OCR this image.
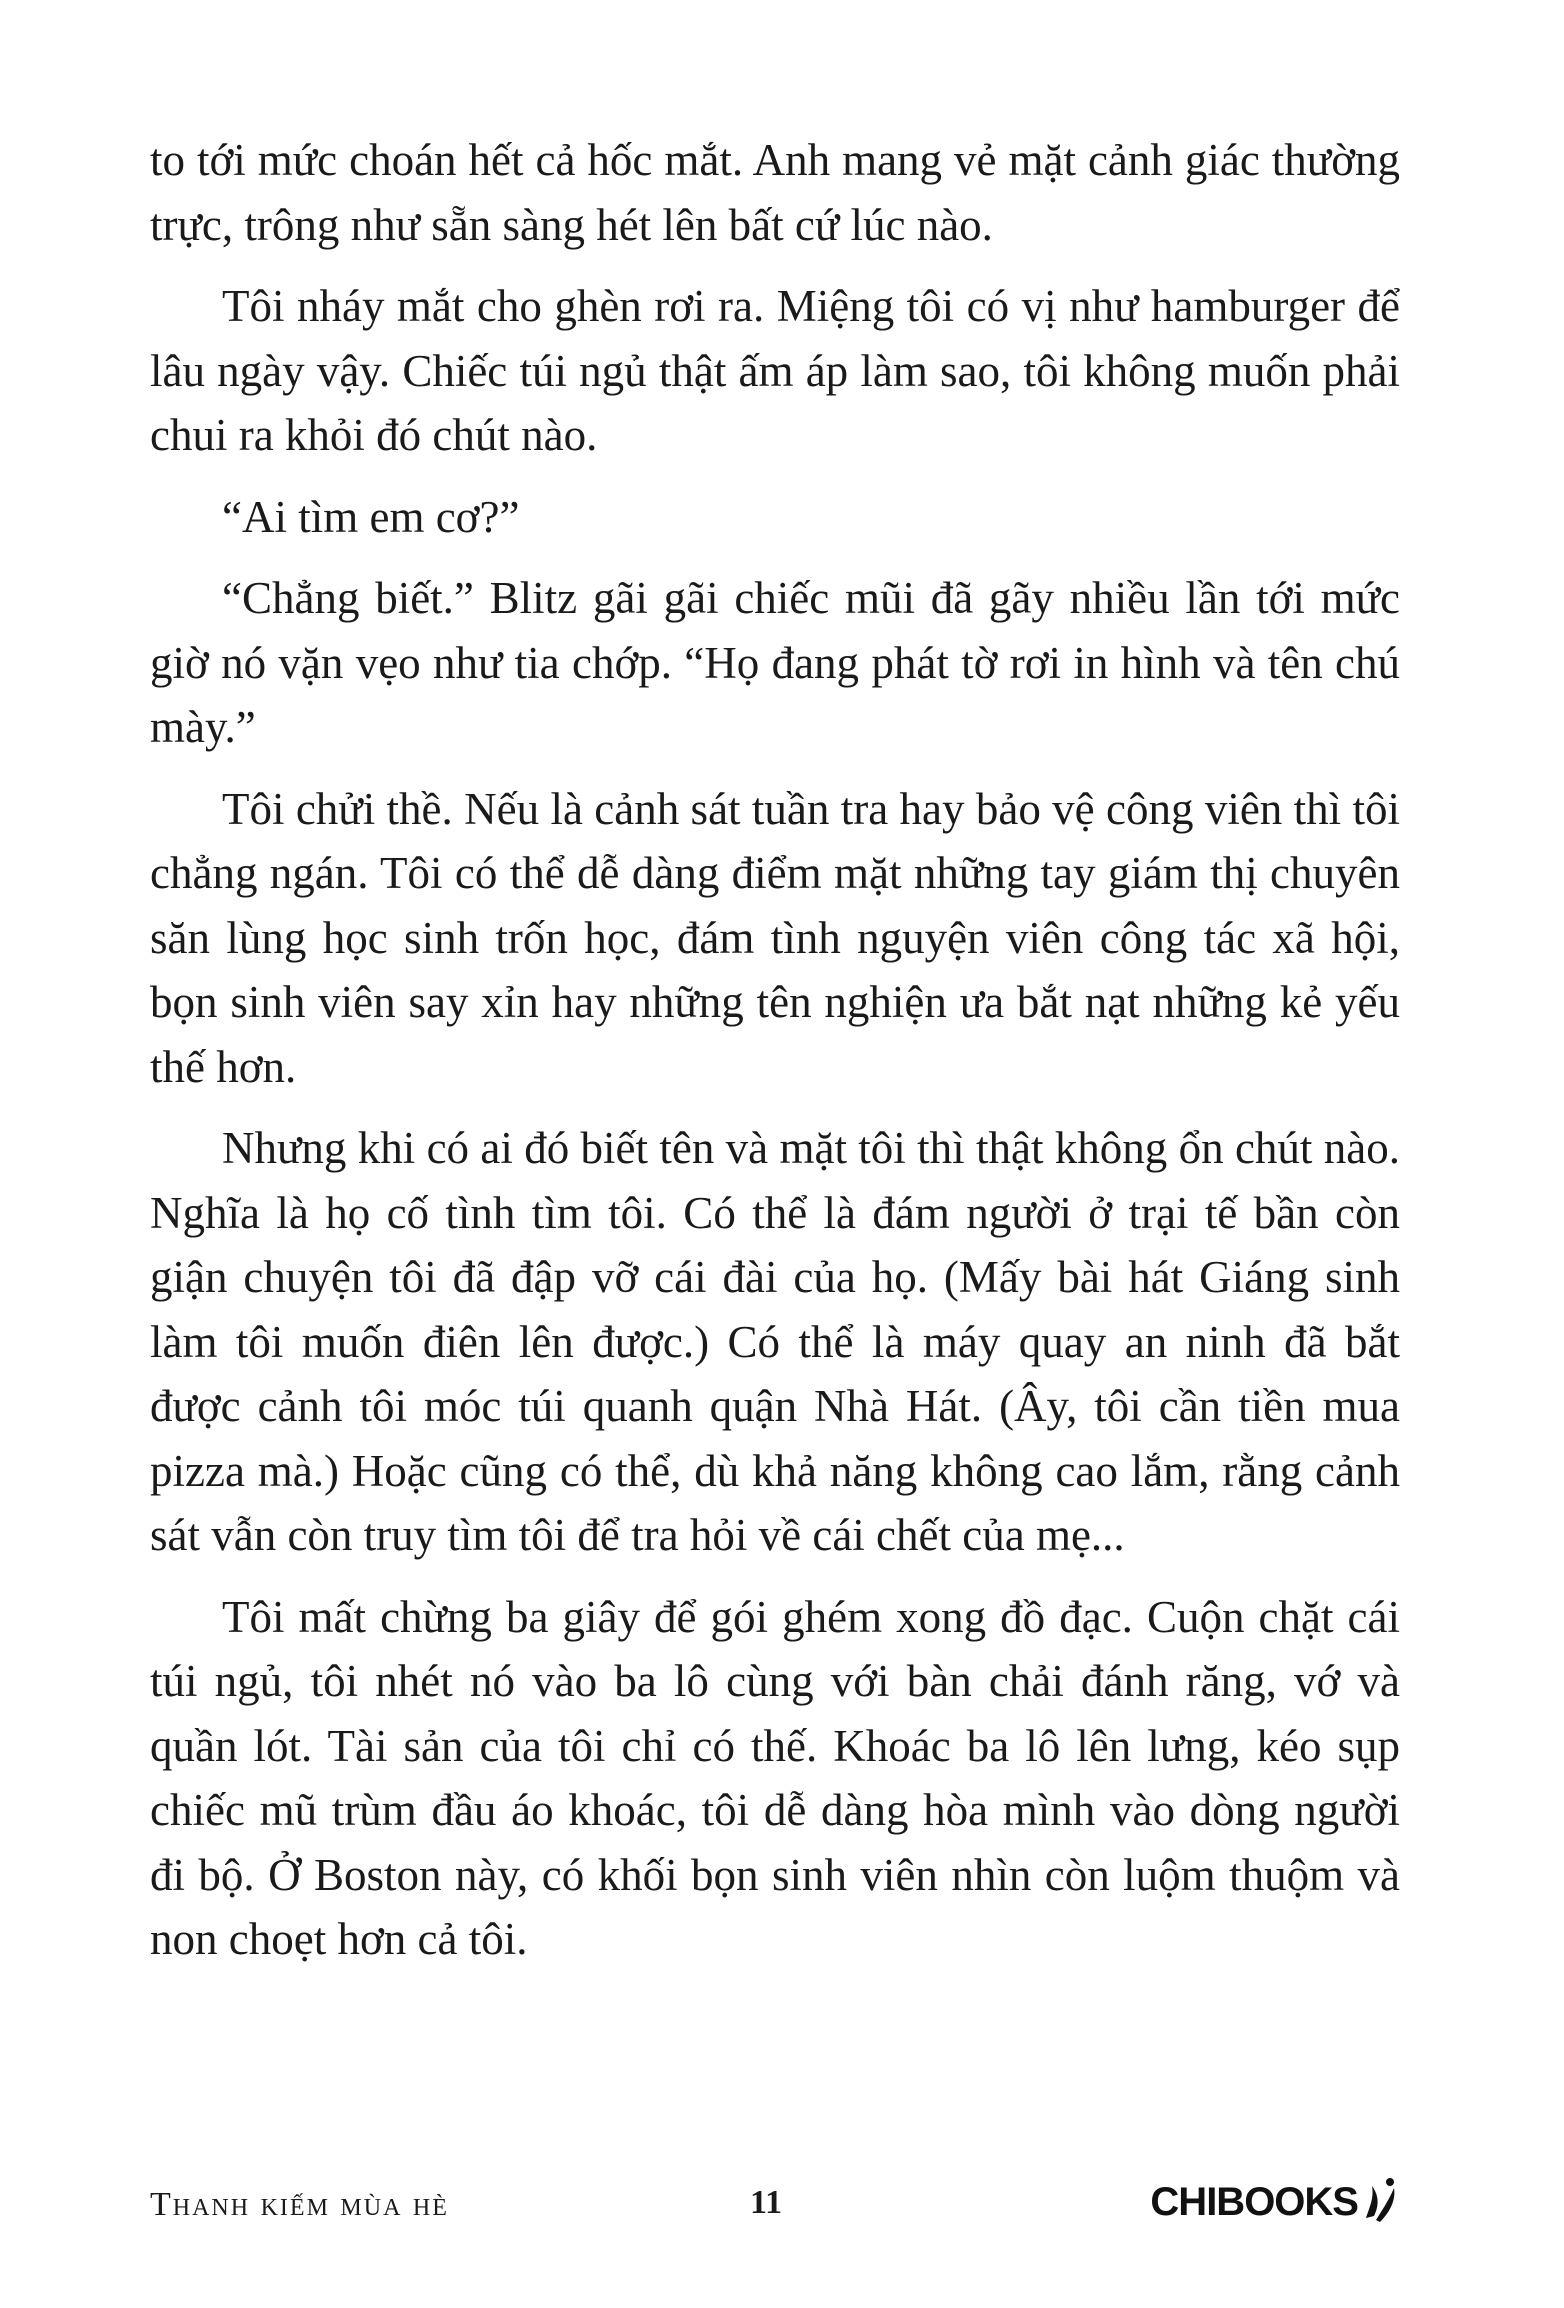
to tới mức choán hết cả hốc mắt. Anh mang vẻ mặt cảnh giác thường trực, trông như sẵn sàng hét lên bất cứ lúc nào.

Tôi nháy mắt cho ghèn rơi ra. Miệng tôi có vị như hamburger để lâu ngày vậy. Chiếc túi ngủ thật ấm áp làm sao, tôi không muốn phải chui ra khỏi đó chút nào.

“Ai tìm em cơ?”

“Chẳng biết.” Blitz gãi gãi chiếc mũi đã gãy nhiều lần tới mức giờ nó vặn vẹo như tia chớp. “Họ đang phát tờ rơi in hình và tên chú mày.”

Tôi chửi thề. Nếu là cảnh sát tuần tra hay bảo vệ công viên thì tôi chẳng ngán. Tôi có thể dễ dàng điểm mặt những tay giám thị chuyên săn lùng học sinh trốn học, đám tình nguyện viên công tác xã hội, bọn sinh viên say xỉn hay những tên nghiện ưa bắt nạt những kẻ yếu thế hơn.

Nhưng khi có ai đó biết tên và mặt tôi thì thật không ổn chút nào. Nghĩa là họ cố tình tìm tôi. Có thể là đám người ở trại tế bần còn giận chuyện tôi đã đập vỡ cái đài của họ. (Mấy bài hát Giáng sinh làm tôi muốn điên lên được.) Có thể là máy quay an ninh đã bắt được cảnh tôi móc túi quanh quận Nhà Hát. (Ây, tôi cần tiền mua pizza mà.) Hoặc cũng có thể, dù khả năng không cao lắm, rằng cảnh sát vẫn còn truy tìm tôi để tra hỏi về cái chết của mẹ...

Tôi mất chừng ba giây để gói ghém xong đồ đạc. Cuộn chặt cái túi ngủ, tôi nhét nó vào ba lô cùng với bàn chải đánh răng, vớ và quần lót. Tài sản của tôi chỉ có thế. Khoác ba lô lên lưng, kéo sụp chiếc mũ trùm đầu áo khoác, tôi dễ dàng hòa mình vào dòng người đi bộ. Ở Boston này, có khối bọn sinh viên nhìn còn luộm thuộm và non choẹt hơn cả tôi.

Thanh kiếm mùa hè	11	CHIBOOKS
